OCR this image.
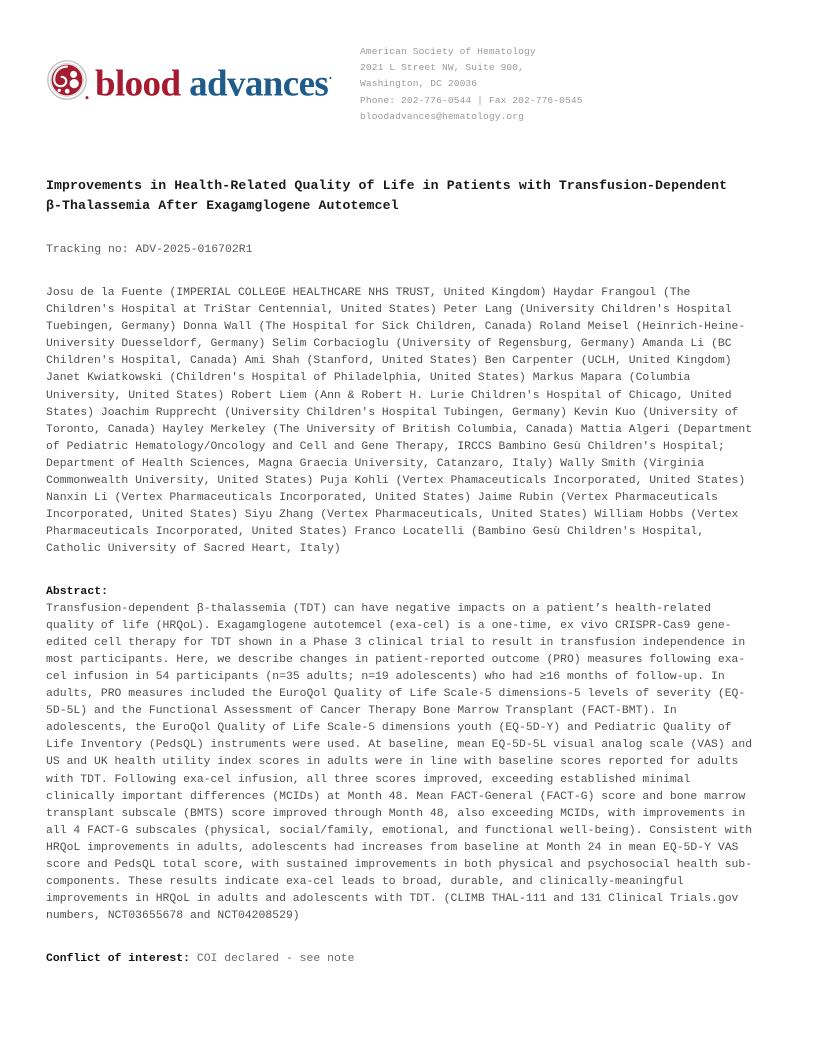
blood advances·
American Society of Hematology
2021 L Street NW, Suite 900,
Washington, DC 20036
Phone: 202-776-0544 | Fax 202-776-0545
bloodadvances@hematology.org
Improvements in Health-Related Quality of Life in Patients with Transfusion-Dependent β-Thalassemia After Exagamglogene Autotemcel
Tracking no: ADV-2025-016702R1
Josu de la Fuente (IMPERIAL COLLEGE HEALTHCARE NHS TRUST, United Kingdom) Haydar Frangoul (The Children's Hospital at TriStar Centennial, United States) Peter Lang (University Children's Hospital Tuebingen, Germany) Donna Wall (The Hospital for Sick Children, Canada) Roland Meisel (Heinrich-Heine-University Duesseldorf, Germany) Selim Corbacioglu (University of Regensburg, Germany) Amanda Li (BC Children's Hospital, Canada) Ami Shah (Stanford, United States) Ben Carpenter (UCLH, United Kingdom) Janet Kwiatkowski (Children's Hospital of Philadelphia, United States) Markus Mapara (Columbia University, United States) Robert Liem (Ann & Robert H. Lurie Children's Hospital of Chicago, United States) Joachim Rupprecht (University Children's Hospital Tubingen, Germany) Kevin Kuo (University of Toronto, Canada) Hayley Merkeley (The University of British Columbia, Canada) Mattia Algeri (Department of Pediatric Hematology/Oncology and Cell and Gene Therapy, IRCCS Bambino Gesù Children's Hospital; Department of Health Sciences, Magna Graecia University, Catanzaro, Italy) Wally Smith (Virginia Commonwealth University, United States) Puja Kohli (Vertex Phamaceuticals Incorporated, United States) Nanxin Li (Vertex Pharmaceuticals Incorporated, United States) Jaime Rubin (Vertex Pharmaceuticals Incorporated, United States) Siyu Zhang (Vertex Pharmaceuticals, United States) William Hobbs (Vertex Pharmaceuticals Incorporated, United States) Franco Locatelli (Bambino Gesù Children's Hospital, Catholic University of Sacred Heart, Italy)
Abstract:
Transfusion-dependent β-thalassemia (TDT) can have negative impacts on a patient’s health-related quality of life (HRQoL). Exagamglogene autotemcel (exa-cel) is a one-time, ex vivo CRISPR-Cas9 gene-edited cell therapy for TDT shown in a Phase 3 clinical trial to result in transfusion independence in most participants. Here, we describe changes in patient-reported outcome (PRO) measures following exa-cel infusion in 54 participants (n=35 adults; n=19 adolescents) who had ≥16 months of follow-up. In adults, PRO measures included the EuroQol Quality of Life Scale-5 dimensions-5 levels of severity (EQ-5D-5L) and the Functional Assessment of Cancer Therapy Bone Marrow Transplant (FACT-BMT). In adolescents, the EuroQol Quality of Life Scale-5 dimensions youth (EQ-5D-Y) and Pediatric Quality of Life Inventory (PedsQL) instruments were used. At baseline, mean EQ-5D-5L visual analog scale (VAS) and US and UK health utility index scores in adults were in line with baseline scores reported for adults with TDT. Following exa-cel infusion, all three scores improved, exceeding established minimal clinically important differences (MCIDs) at Month 48. Mean FACT-General (FACT-G) score and bone marrow transplant subscale (BMTS) score improved through Month 48, also exceeding MCIDs, with improvements in all 4 FACT-G subscales (physical, social/family, emotional, and functional well-being). Consistent with HRQoL improvements in adults, adolescents had increases from baseline at Month 24 in mean EQ-5D-Y VAS score and PedsQL total score, with sustained improvements in both physical and psychosocial health sub-components. These results indicate exa-cel leads to broad, durable, and clinically-meaningful improvements in HRQoL in adults and adolescents with TDT. (CLIMB THAL-111 and 131 Clinical Trials.gov numbers, NCT03655678 and NCT04208529)
Conflict of interest: COI declared - see note
